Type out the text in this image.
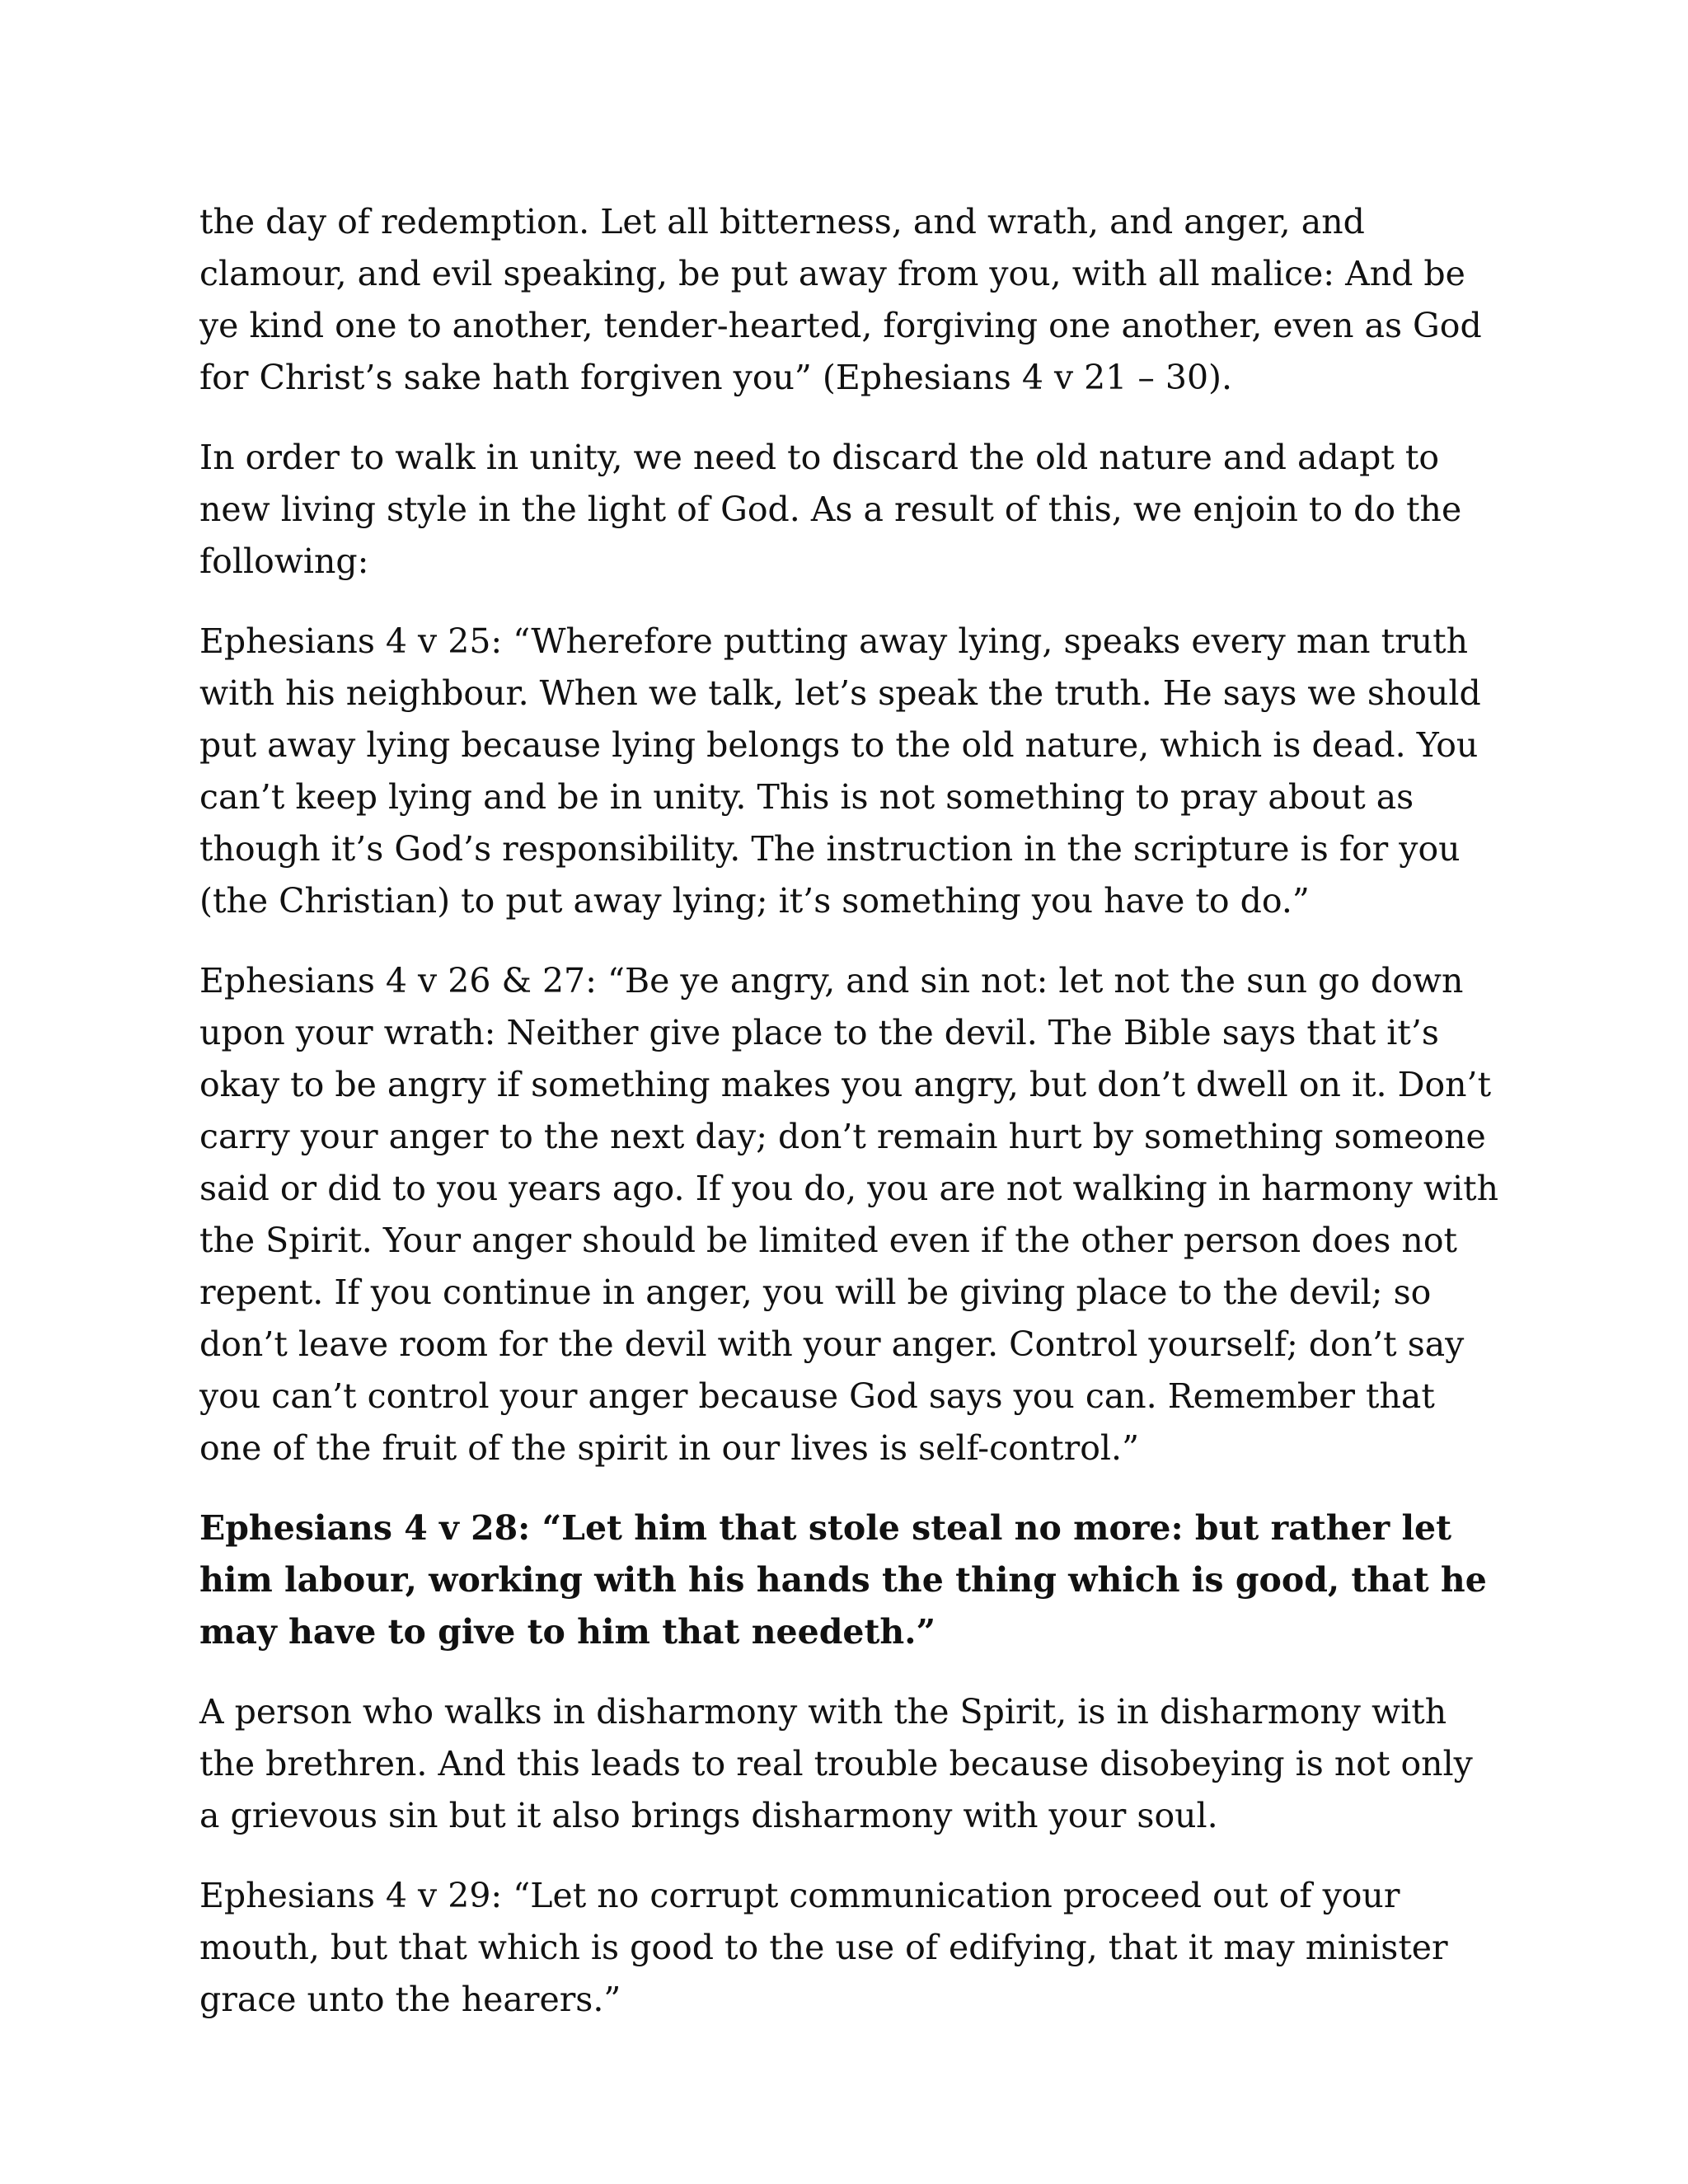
the day of redemption. Let all bitterness, and wrath, and anger, and clamour, and evil speaking, be put away from you, with all malice: And be ye kind one to another, tender-hearted, forgiving one another, even as God for Christ’s sake hath forgiven you” (Ephesians 4 v 21 – 30).

In order to walk in unity, we need to discard the old nature and adapt to new living style in the light of God. As a result of this, we enjoin to do the following:

Ephesians 4 v 25: “Wherefore putting away lying, speaks every man truth with his neighbour. When we talk, let’s speak the truth. He says we should put away lying because lying belongs to the old nature, which is dead. You can’t keep lying and be in unity. This is not something to pray about as though it’s God’s responsibility. The instruction in the scripture is for you (the Christian) to put away lying; it’s something you have to do.”

Ephesians 4 v 26 & 27: “Be ye angry, and sin not: let not the sun go down upon your wrath: Neither give place to the devil. The Bible says that it’s okay to be angry if something makes you angry, but don’t dwell on it. Don’t carry your anger to the next day; don’t remain hurt by something someone said or did to you years ago. If you do, you are not walking in harmony with the Spirit. Your anger should be limited even if the other person does not repent. If you continue in anger, you will be giving place to the devil; so don’t leave room for the devil with your anger. Control yourself; don’t say you can’t control your anger because God says you can. Remember that one of the fruit of the spirit in our lives is self-control.”

Ephesians 4 v 28: “Let him that stole steal no more: but rather let him labour, working with his hands the thing which is good, that he may have to give to him that needeth.”

A person who walks in disharmony with the Spirit, is in disharmony with the brethren. And this leads to real trouble because disobeying is not only a grievous sin but it also brings disharmony with your soul.

Ephesians 4 v 29: “Let no corrupt communication proceed out of your mouth, but that which is good to the use of edifying, that it may minister grace unto the hearers.”
